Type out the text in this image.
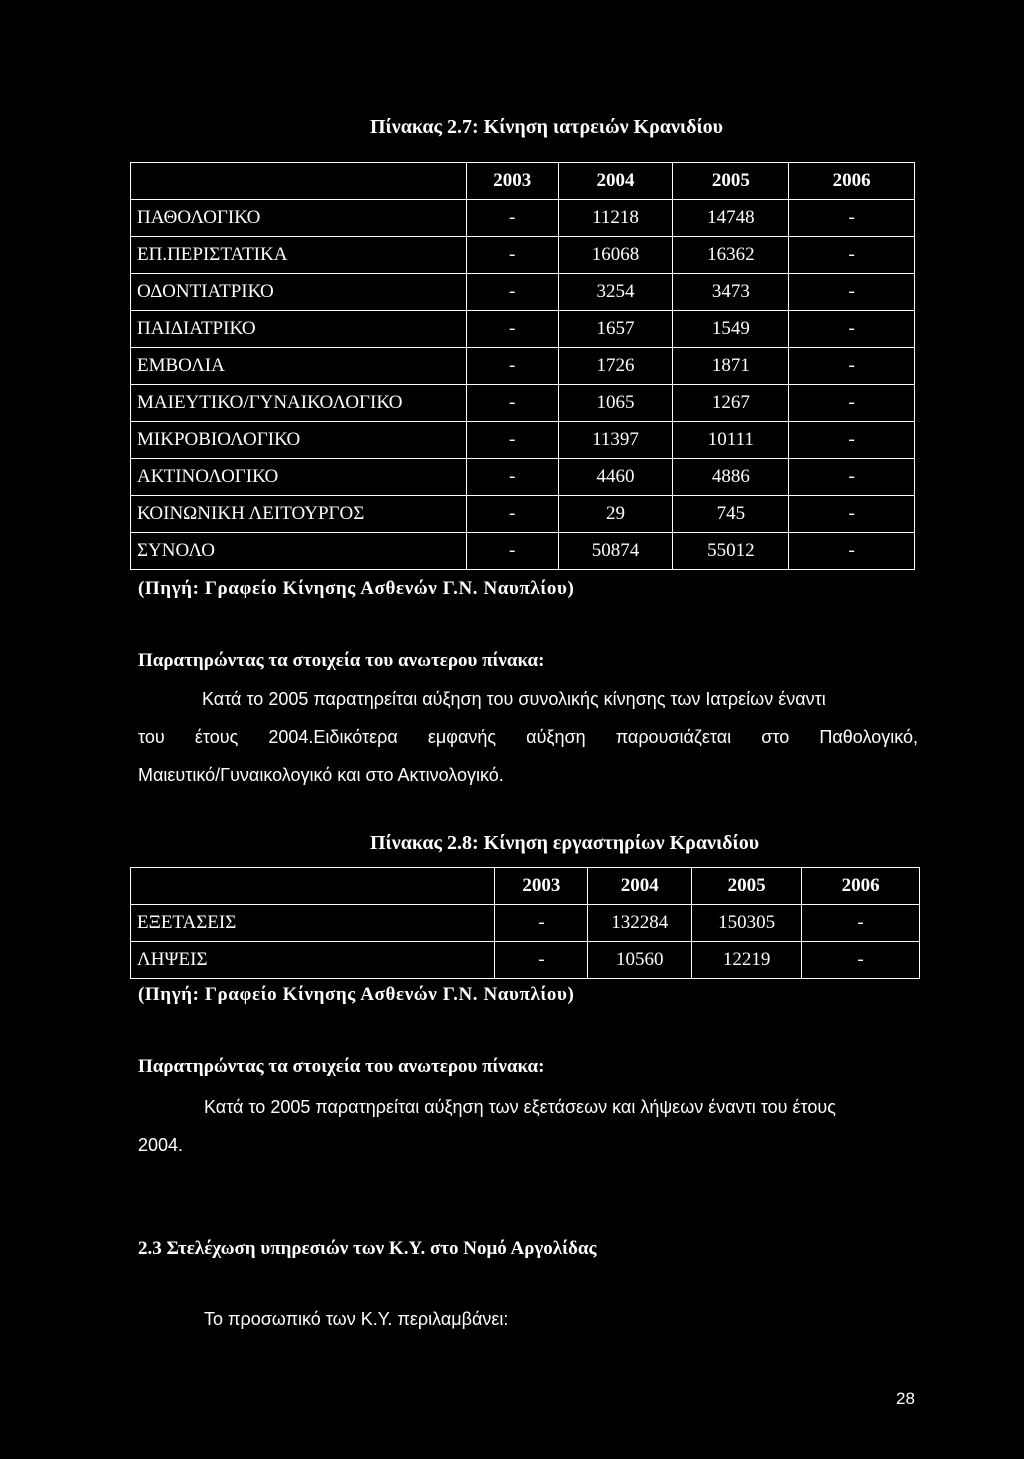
Πίνακας 2.7: Κίνηση ιατρειών Κρανιδίου
	2003	2004	2005	2006
ΠΑΘΟΛΟΓΙΚΟ	-	11218	14748	-
ΕΠ.ΠΕΡΙΣΤΑΤΙΚΑ	-	16068	16362	-
ΟΔΟΝΤΙΑΤΡΙΚΟ	-	3254	3473	-
ΠΑΙΔΙΑΤΡΙΚΟ	-	1657	1549	-
ΕΜΒΟΛΙΑ	-	1726	1871	-
ΜΑΙΕΥΤΙΚΟ/ΓΥΝΑΙΚΟΛΟΓΙΚΟ	-	1065	1267	-
ΜΙΚΡΟΒΙΟΛΟΓΙΚΟ	-	11397	10111	-
ΑΚΤΙΝΟΛΟΓΙΚΟ	-	4460	4886	-
ΚΟΙΝΩΝΙΚΗ ΛΕΙΤΟΥΡΓΟΣ	-	29	745	-
ΣΥΝΟΛΟ	-	50874	55012	-
(Πηγή: Γραφείο Κίνησης Ασθενών Γ.Ν. Ναυπλίου)
Παρατηρώντας τα στοιχεία του ανωτερου πίνακα:
Κατά το 2005 παρατηρείται αύξηση του συνολικής κίνησης των Ιατρείων έναντι
του έτους 2004.Ειδικότερα εμφανής αύξηση παρουσιάζεται στο Παθολογικό,
Μαιευτικό/Γυναικολογικό και στο Ακτινολογικό.
Πίνακας 2.8: Κίνηση εργαστηρίων Κρανιδίου
	2003	2004	2005	2006
ΕΞΕΤΑΣΕΙΣ	-	132284	150305	-
ΛΗΨΕΙΣ	-	10560	12219	-
(Πηγή: Γραφείο Κίνησης Ασθενών Γ.Ν. Ναυπλίου)
Παρατηρώντας τα στοιχεία του ανωτερου πίνακα:
Κατά το 2005 παρατηρείται αύξηση των εξετάσεων και λήψεων έναντι του έτους
2004.
2.3 Στελέχωση υπηρεσιών των Κ.Υ. στο Νομό Αργολίδας
Το προσωπικό των Κ.Υ. περιλαμβάνει:
28
